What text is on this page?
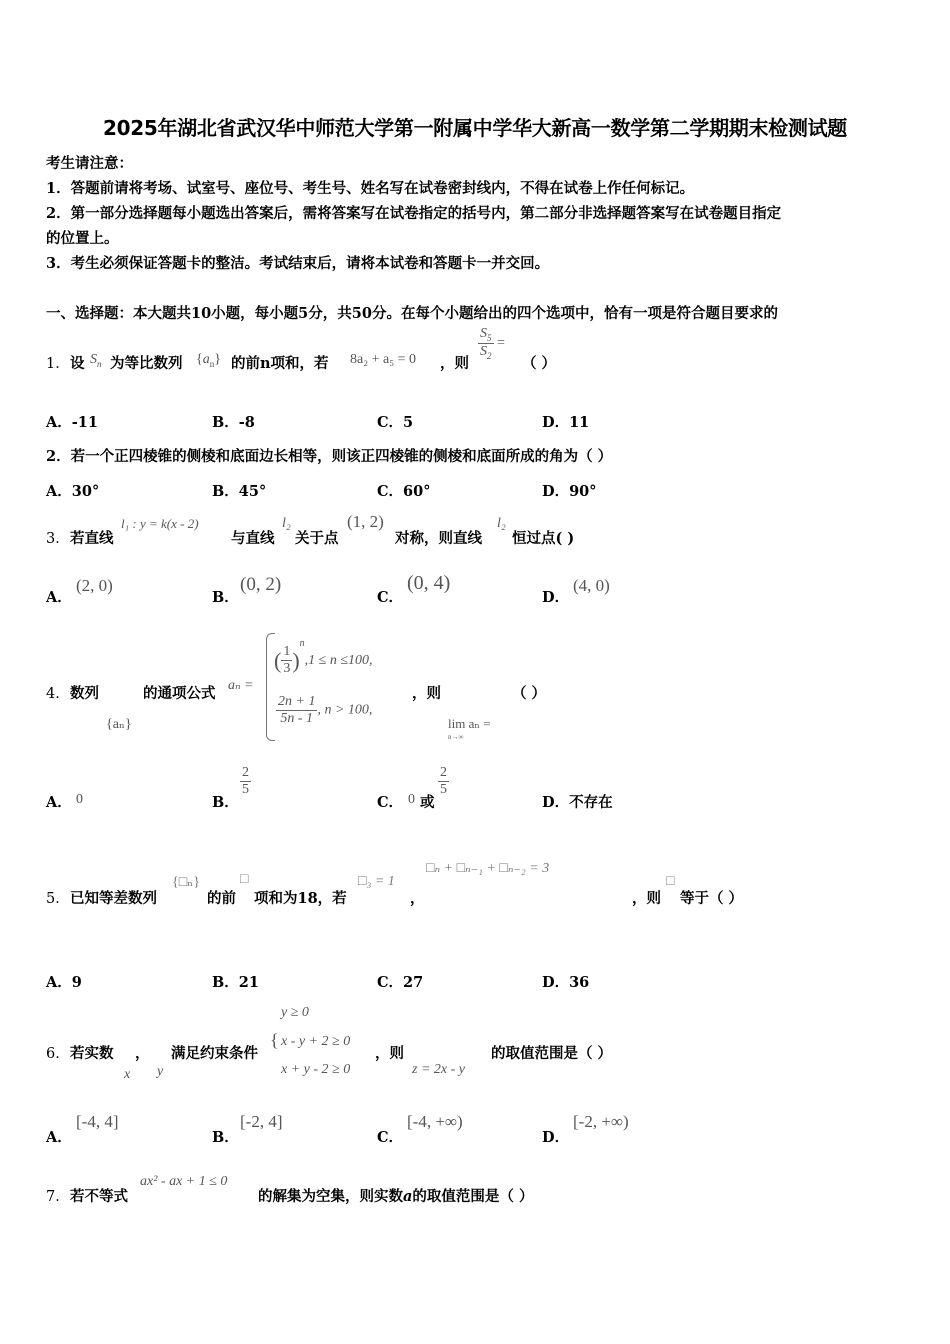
2025年湖北省武汉华中师范大学第一附属中学华大新高一数学第二学期期末检测试题
考生请注意：
1．答题前请将考场、试室号、座位号、考生号、姓名写在试卷密封线内，不得在试卷上作任何标记。
2．第一部分选择题每小题选出答案后，需将答案写在试卷指定的括号内，第二部分非选择题答案写在试卷题目指定
的位置上。
3．考生必须保证答题卡的整洁。考试结束后，请将本试卷和答题卡一并交回。
一、选择题：本大题共10小题，每小题5分，共50分。在每个小题给出的四个选项中，恰有一项是符合题目要求的
1． 设 $S_n$ 为等比数列 $\{a_n\}$ 的前n项和，若 8a₂ + a₅ = 0 ，则
$\frac{S_5}{S_2}$ =
（ ）
A．-11	B．-8	C．5	D．11
2．若一个正四棱锥的侧棱和底面边长相等，则该正四棱锥的侧棱和底面所成的角为（ ）
A．30°	B．45°	C．60°	D．90°
3． 若直线
l₁ : y = k(x - 2)
与直线
l₂
关于点
(1, 2)
对称，则直线
l₂
恒过点( )
A．
(2, 0)
B．
(0, 2)
C．
(0, 4)
D．
(4, 0)
4． 数列
{aₙ}
的通项公式 aₙ =
( $\frac{1}{3} )^n,1 \le n \le 100$,
$\frac{2n + 1}{5n - 1}$ , n > 100,
，则	（ ）
lim aₙ =
n→∞
A． 0	B．
$\frac{2}{5}$
C． 0 或
$\frac{2}{5}$
D．不存在
5． 已知等差数列
{□ₙ}
的前
□
项和为18，若
□₃ = 1
，
□ₙ + □ₙ₋₁ + □ₙ₋₂ = 3
，则
□
等于（ ）
A．9	B．21	C．27	D．36
6． 若实数
x
，
y
满足约束条件
y ≥ 0
{ x - y + 2 ≥ 0
x + y - 2 ≥ 0
，则
z = 2x - y
的取值范围是（ ）
A．
[-4, 4]
B．
[-2, 4]
C．
[-4, +∞)
D．
[-2, +∞)
7． 若不等式
ax² - ax + 1 ≤ 0
的解集为空集，则实数a的取值范围是（ ）
